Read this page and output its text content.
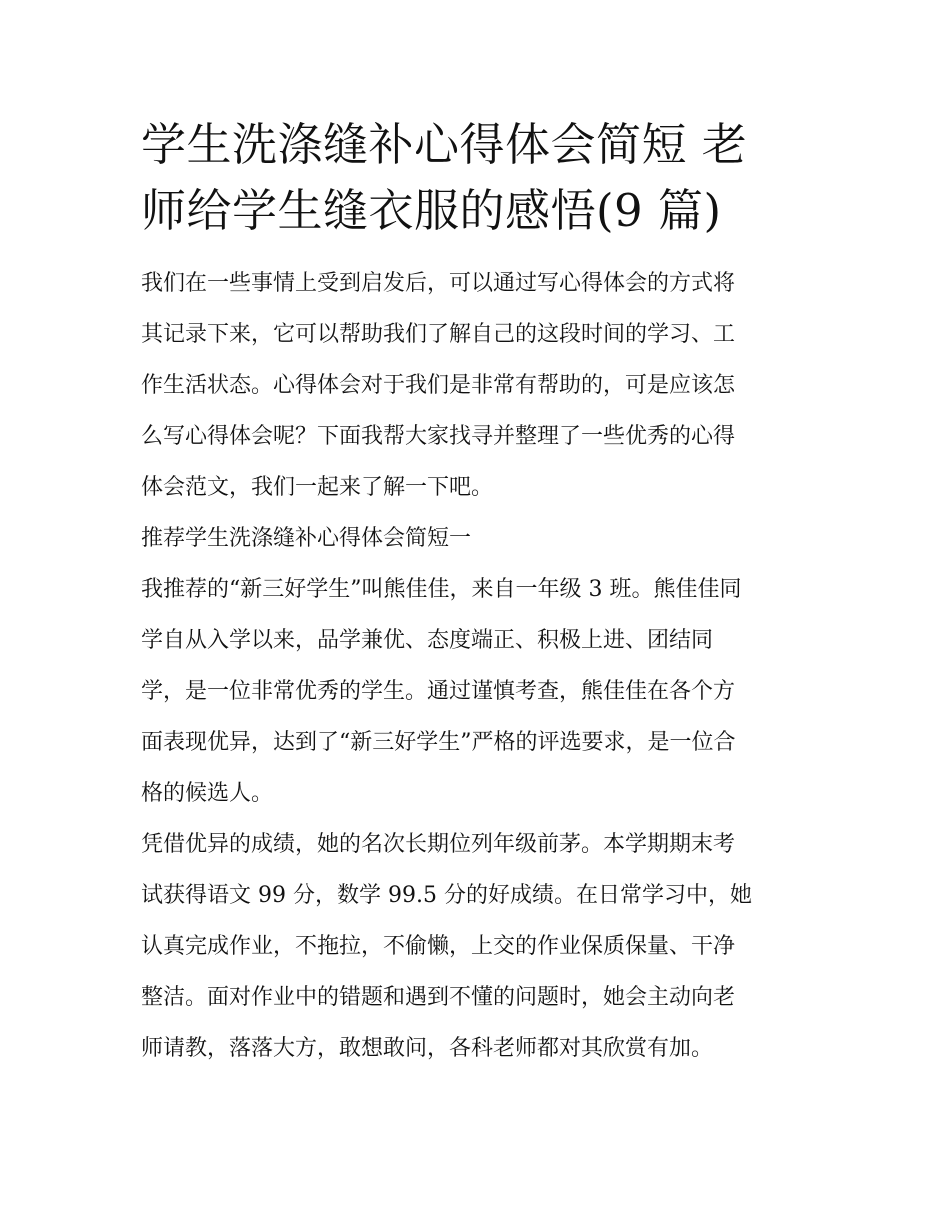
学生洗涤缝补心得体会简短 老
师给学生缝衣服的感悟(9 篇)

我们在一些事情上受到启发后，可以通过写心得体会的方式将
其记录下来，它可以帮助我们了解自己的这段时间的学习、工
作生活状态。心得体会对于我们是非常有帮助的，可是应该怎
么写心得体会呢？下面我帮大家找寻并整理了一些优秀的心得
体会范文，我们一起来了解一下吧。

推荐学生洗涤缝补心得体会简短一

我推荐的“新三好学生”叫熊佳佳，来自一年级 3 班。熊佳佳同
学自从入学以来，品学兼优、态度端正、积极上进、团结同
学，是一位非常优秀的学生。通过谨慎考查，熊佳佳在各个方
面表现优异，达到了“新三好学生”严格的评选要求，是一位合
格的候选人。

凭借优异的成绩，她的名次长期位列年级前茅。本学期期末考
试获得语文 99 分，数学 99.5 分的好成绩。在日常学习中，她
认真完成作业，不拖拉，不偷懒，上交的作业保质保量、干净
整洁。面对作业中的错题和遇到不懂的问题时，她会主动向老
师请教，落落大方，敢想敢问，各科老师都对其欣赏有加。
